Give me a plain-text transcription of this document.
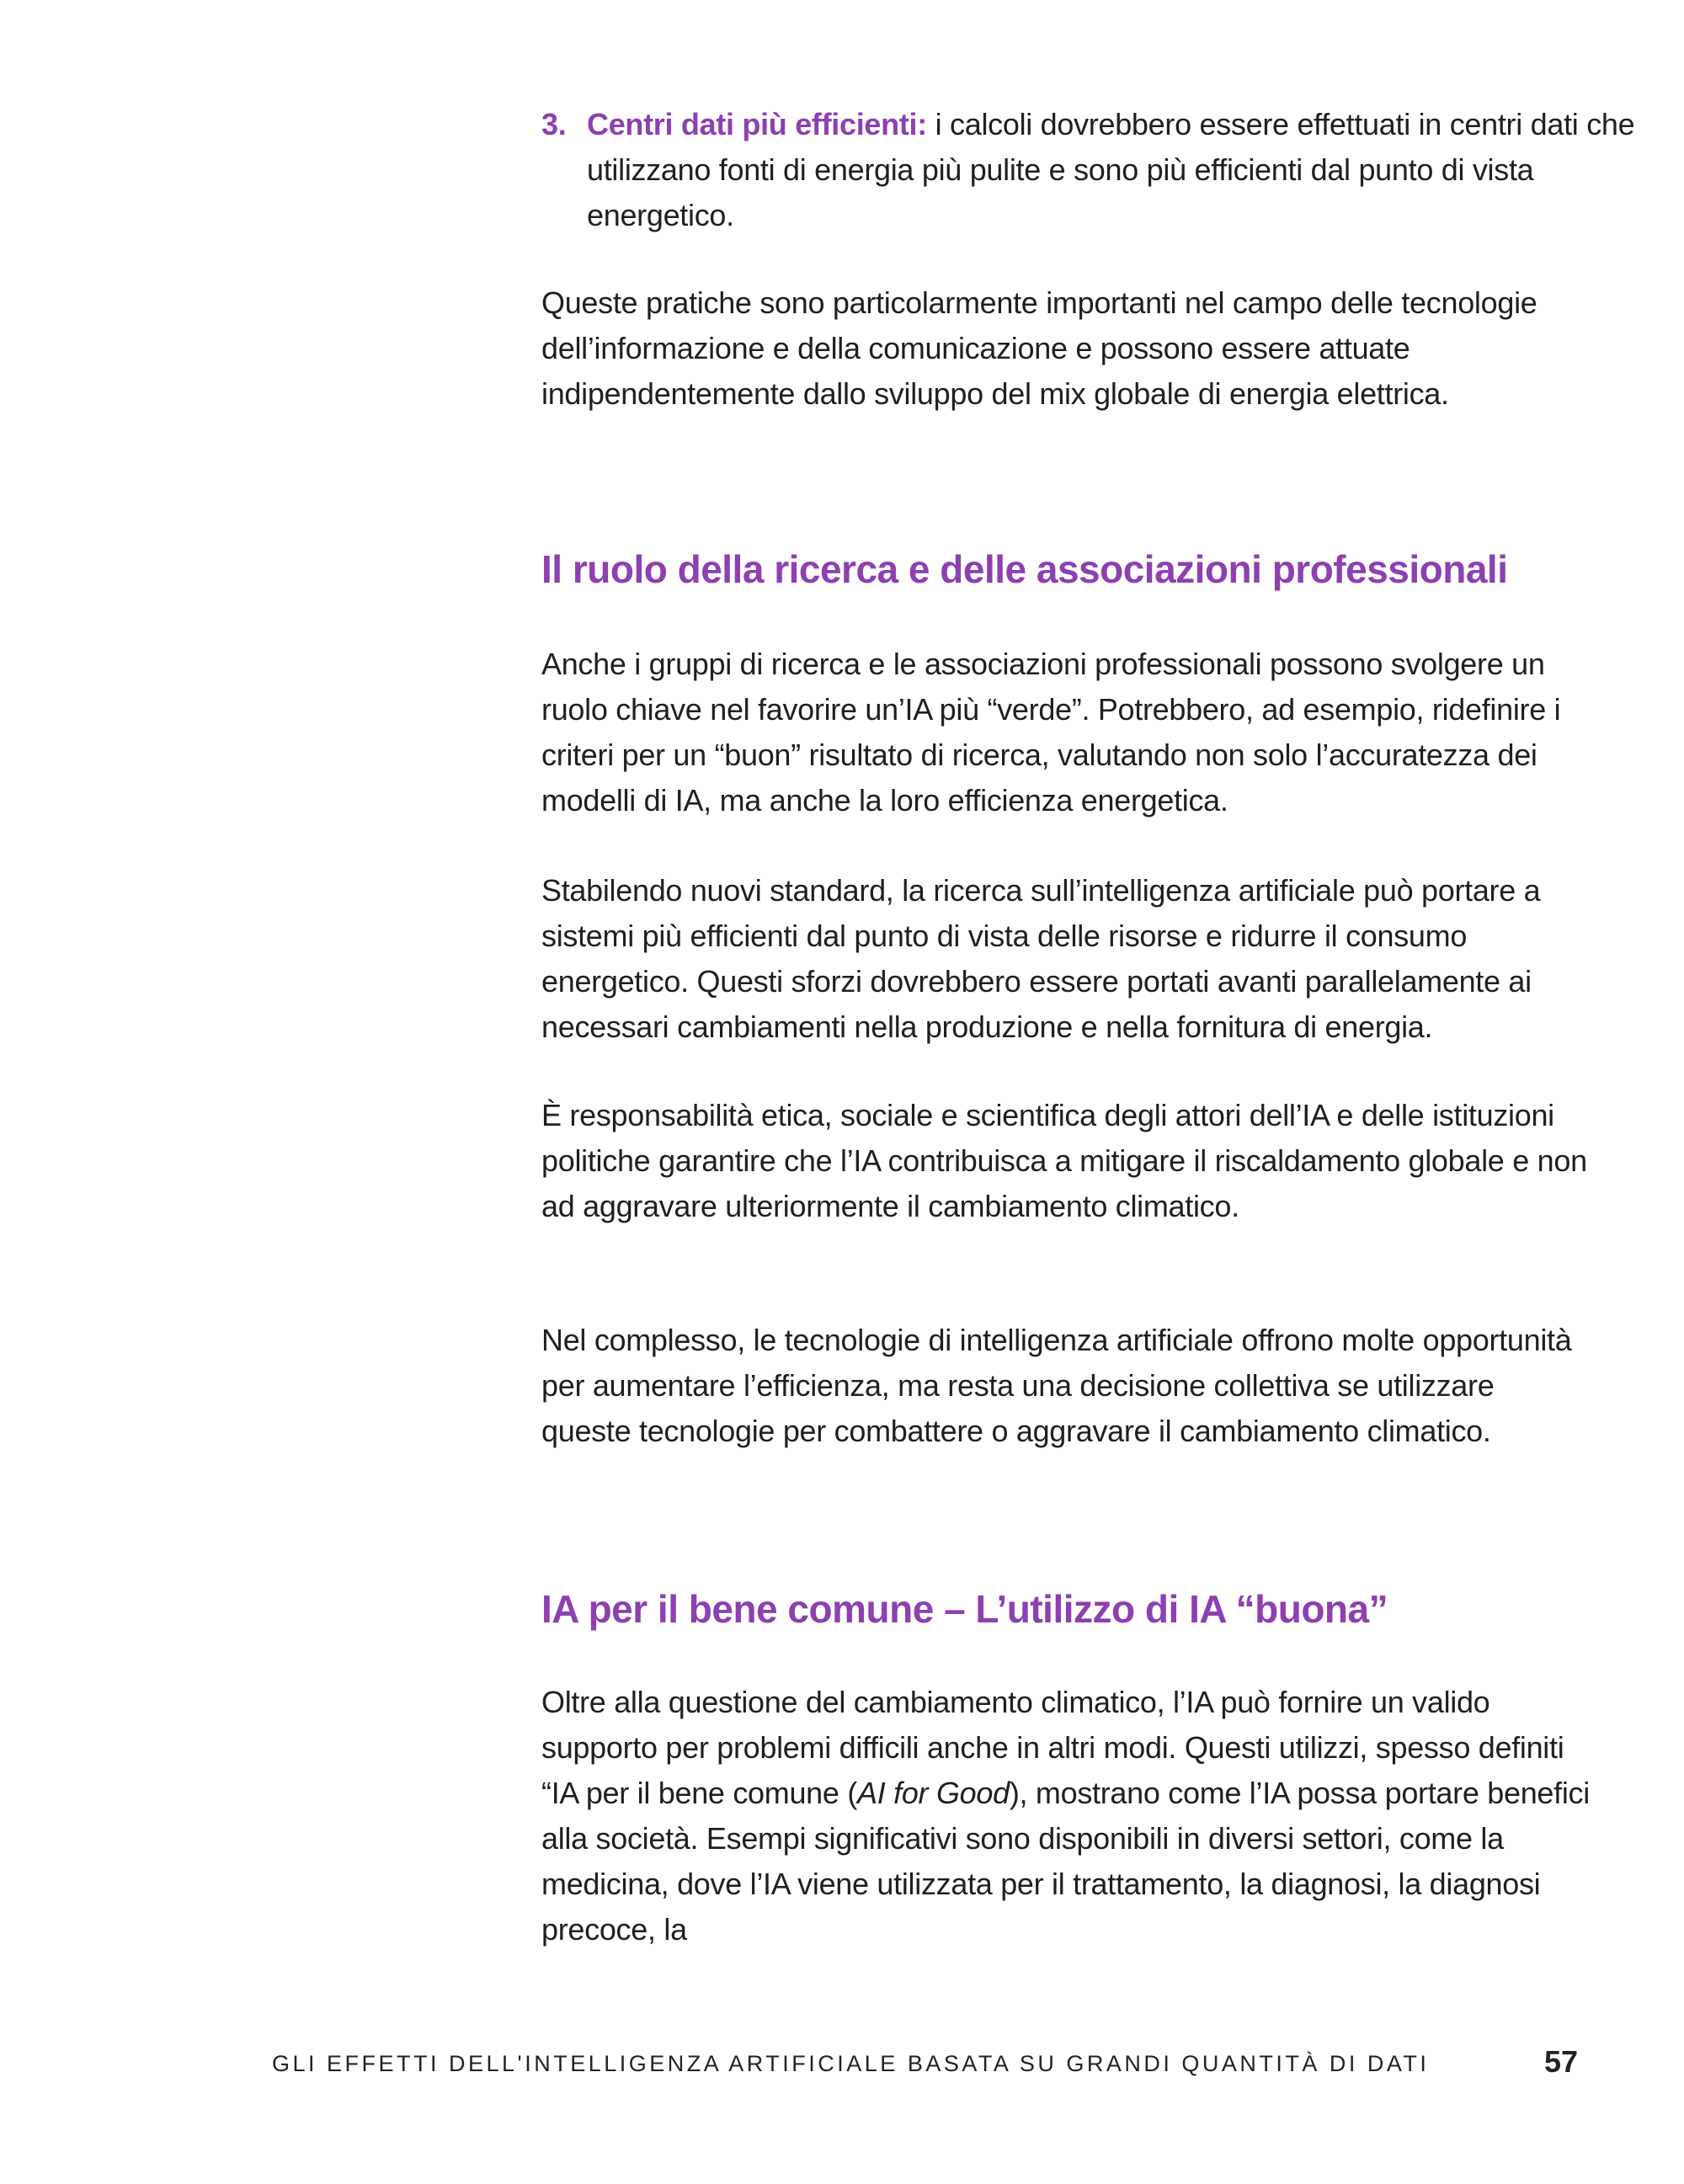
3. Centri dati più efficienti: i calcoli dovrebbero essere effettuati in centri dati che utilizzano fonti di energia più pulite e sono più efficienti dal punto di vista energetico.

Queste pratiche sono particolarmente importanti nel campo delle tecnologie dell’informazione e della comunicazione e possono essere attuate indipendentemente dallo sviluppo del mix globale di energia elettrica.

Il ruolo della ricerca e delle associazioni professionali

Anche i gruppi di ricerca e le associazioni professionali possono svolgere un ruolo chiave nel favorire un’IA più “verde”. Potrebbero, ad esempio, ridefinire i criteri per un “buon” risultato di ricerca, valutando non solo l’accuratezza dei modelli di IA, ma anche la loro efficienza energetica.

Stabilendo nuovi standard, la ricerca sull’intelligenza artificiale può portare a sistemi più efficienti dal punto di vista delle risorse e ridurre il consumo energetico. Questi sforzi dovrebbero essere portati avanti parallelamente ai necessari cambiamenti nella produzione e nella fornitura di energia.

È responsabilità etica, sociale e scientifica degli attori dell’IA e delle istituzioni politiche garantire che l’IA contribuisca a mitigare il riscaldamento globale e non ad aggravare ulteriormente il cambiamento climatico.

Nel complesso, le tecnologie di intelligenza artificiale offrono molte opportunità per aumentare l’efficienza, ma resta una decisione collettiva se utilizzare queste tecnologie per combattere o aggravare il cambiamento climatico.

IA per il bene comune – L’utilizzo di IA “buona”

Oltre alla questione del cambiamento climatico, l’IA può fornire un valido supporto per problemi difficili anche in altri modi. Questi utilizzi, spesso definiti “IA per il bene comune (AI for Good), mostrano come l’IA possa portare benefici alla società. Esempi significativi sono disponibili in diversi settori, come la medicina, dove l’IA viene utilizzata per il trattamento, la diagnosi, la diagnosi precoce, la

GLI EFFETTI DELL'INTELLIGENZA ARTIFICIALE BASATA SU GRANDI QUANTITÀ DI DATI	57
